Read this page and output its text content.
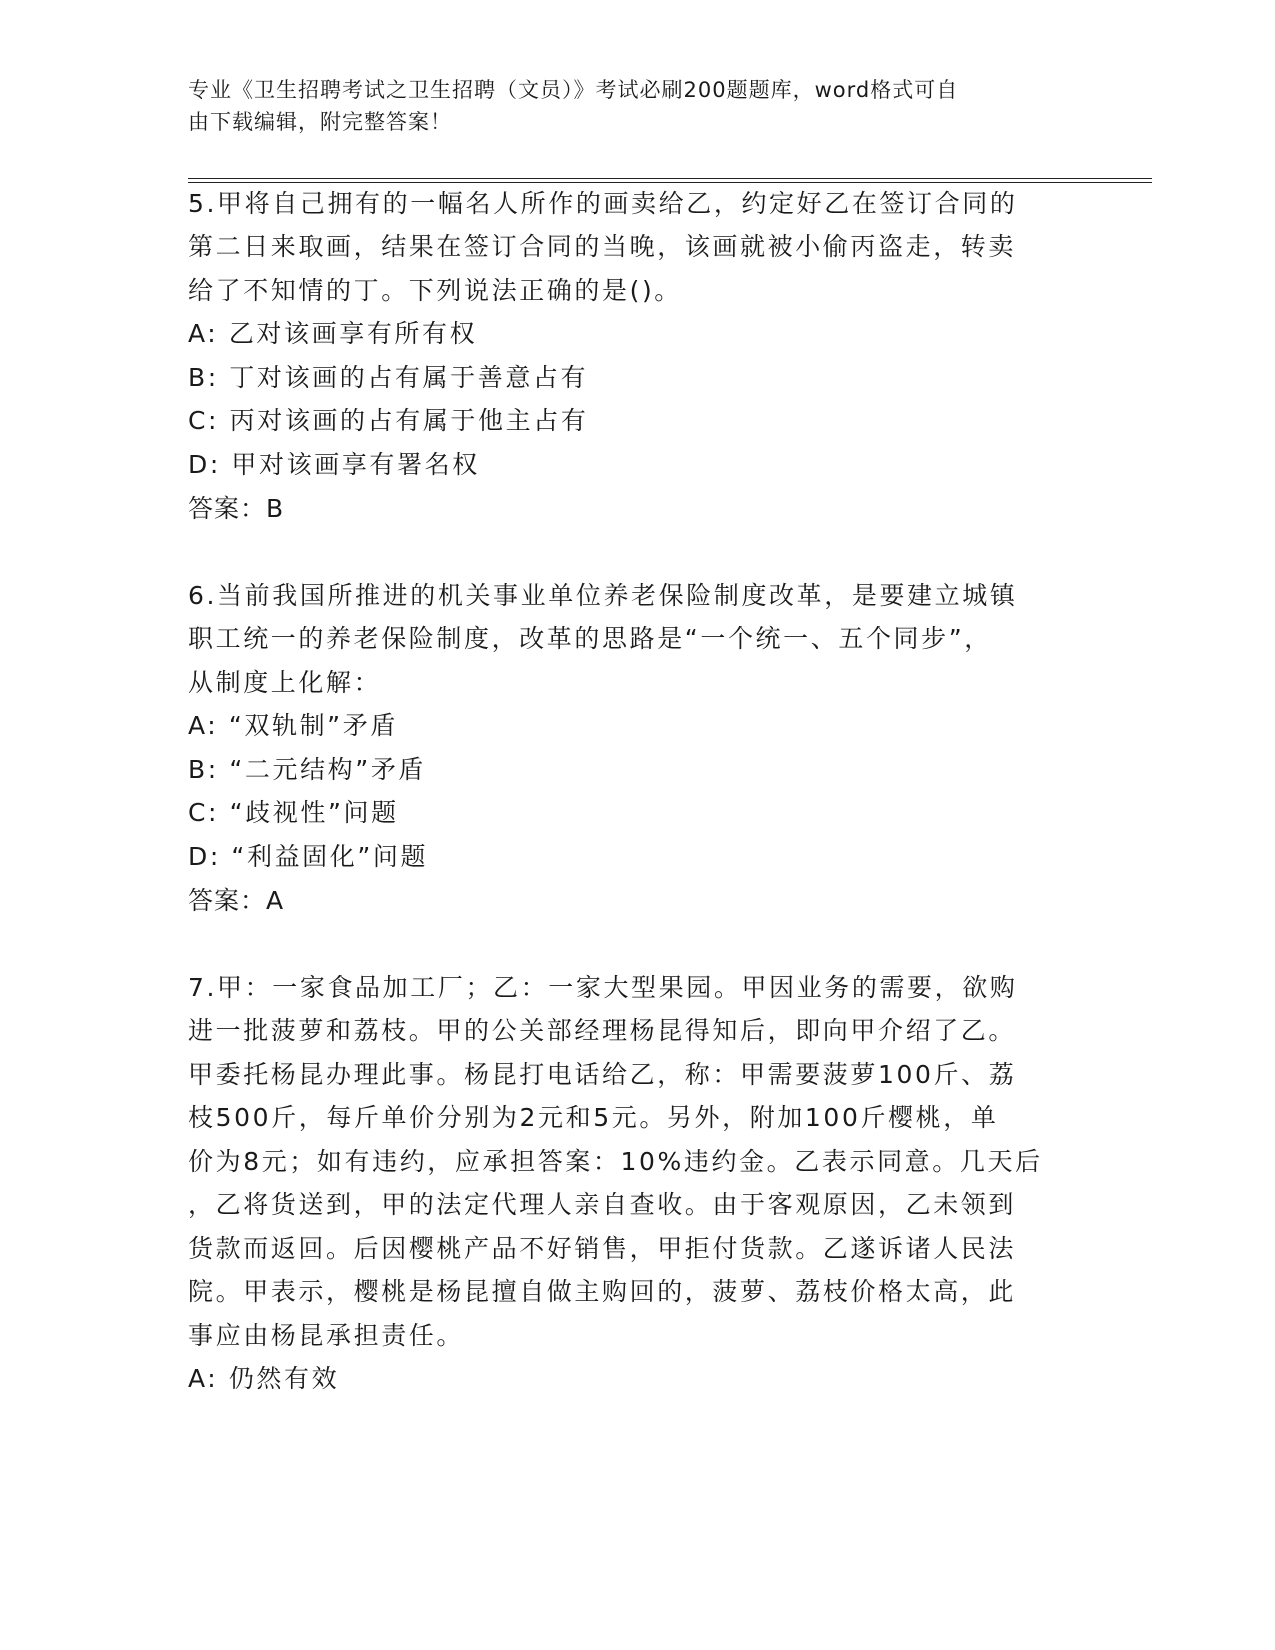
专业《卫生招聘考试之卫生招聘（文员）》考试必刷200题题库，word格式可自
由下载编辑，附完整答案！
5.甲将自己拥有的一幅名人所作的画卖给乙，约定好乙在签订合同的
第二日来取画，结果在签订合同的当晚，该画就被小偷丙盗走，转卖
给了不知情的丁。下列说法正确的是()。
A: 乙对该画享有所有权
B: 丁对该画的占有属于善意占有
C: 丙对该画的占有属于他主占有
D: 甲对该画享有署名权
答案：B
6.当前我国所推进的机关事业单位养老保险制度改革，是要建立城镇
职工统一的养老保险制度，改革的思路是“一个统一、五个同步”，
从制度上化解：
A: “双轨制”矛盾
B: “二元结构”矛盾
C: “歧视性”问题
D: “利益固化”问题
答案：A
7.甲：一家食品加工厂；乙：一家大型果园。甲因业务的需要，欲购
进一批菠萝和荔枝。甲的公关部经理杨昆得知后，即向甲介绍了乙。
甲委托杨昆办理此事。杨昆打电话给乙，称：甲需要菠萝100斤、荔
枝500斤，每斤单价分别为2元和5元。另外，附加100斤樱桃，单
价为8元；如有违约，应承担答案：10%违约金。乙表示同意。几天后
，乙将货送到，甲的法定代理人亲自查收。由于客观原因，乙未领到
货款而返回。后因樱桃产品不好销售，甲拒付货款。乙遂诉诸人民法
院。甲表示，樱桃是杨昆擅自做主购回的，菠萝、荔枝价格太高，此
事应由杨昆承担责任。
A: 仍然有效
